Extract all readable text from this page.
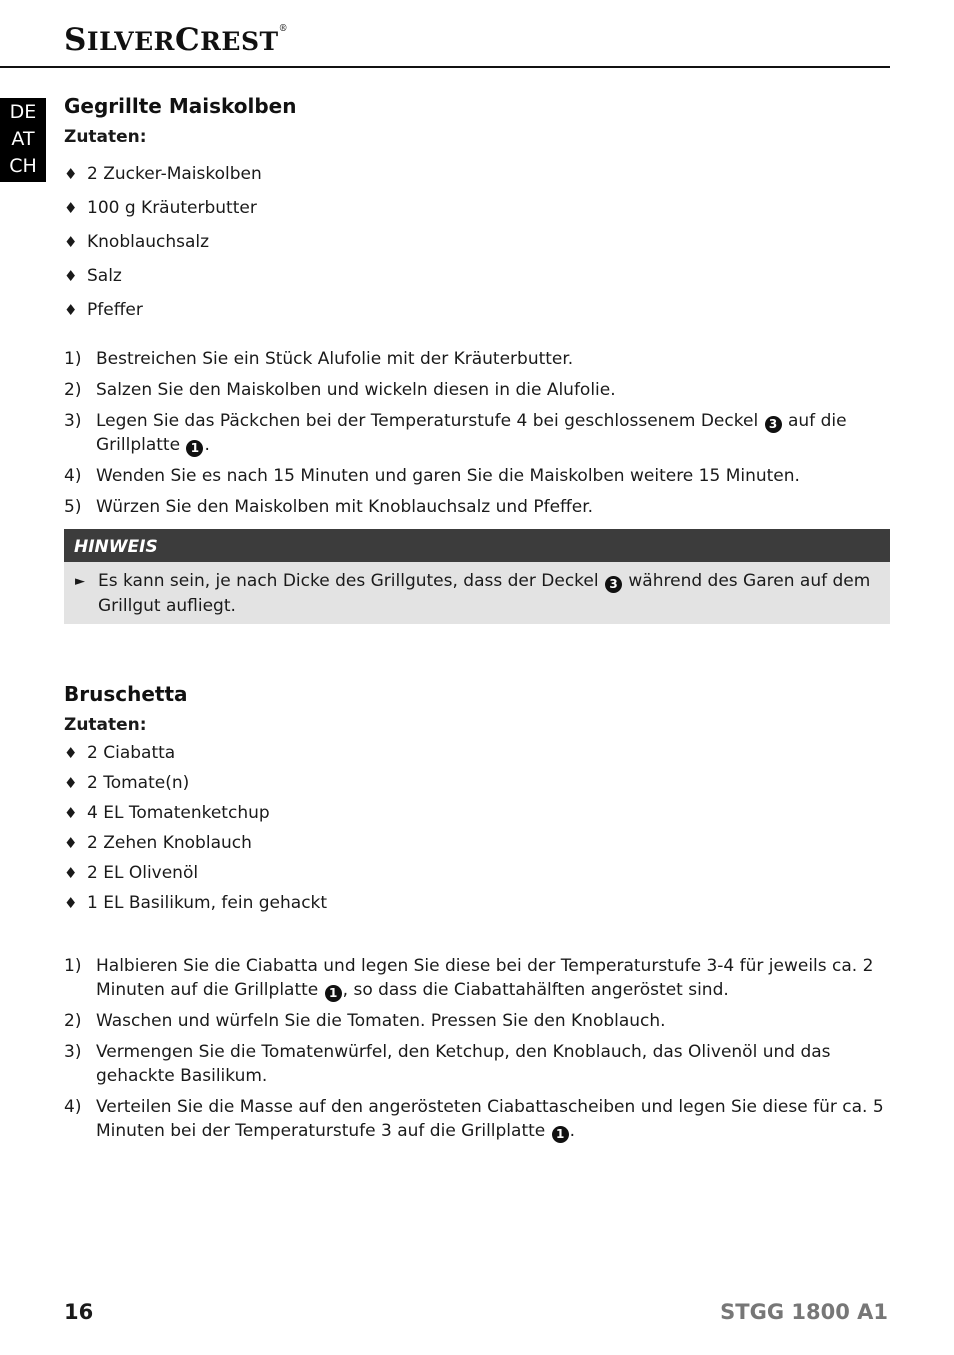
SILVERCREST®
DE
AT
CH
Gegrillte Maiskolben
Zutaten:
♦ 2 Zucker-Maiskolben
♦ 100 g Kräuterbutter
♦ Knoblauchsalz
♦ Salz
♦ Pfeffer
1) Bestreichen Sie ein Stück Alufolie mit der Kräuterbutter.
2) Salzen Sie den Maiskolben und wickeln diesen in die Alufolie.
3) Legen Sie das Päckchen bei der Temperaturstufe 4 bei geschlossenem Deckel 3 auf die Grillplatte 1 .
4) Wenden Sie es nach 15 Minuten und garen Sie die Maiskolben weitere 15 Minuten.
5) Würzen Sie den Maiskolben mit Knoblauchsalz und Pfeffer.
HINWEIS
► Es kann sein, je nach Dicke des Grillgutes, dass der Deckel 3 während des Garen auf dem Grillgut aufliegt.
Bruschetta
Zutaten:
♦ 2 Ciabatta
♦ 2 Tomate(n)
♦ 4 EL Tomatenketchup
♦ 2 Zehen Knoblauch
♦ 2 EL Olivenöl
♦ 1 EL Basilikum, fein gehackt
1) Halbieren Sie die Ciabatta und legen Sie diese bei der Temperaturstufe 3-4 für jeweils ca. 2 Minuten auf die Grillplatte 1 , so dass die Ciabattahälften angeröstet sind.
2) Waschen und würfeln Sie die Tomaten. Pressen Sie den Knoblauch.
3) Vermengen Sie die Tomatenwürfel, den Ketchup, den Knoblauch, das Olivenöl und das gehackte Basilikum.
4) Verteilen Sie die Masse auf den angerösteten Ciabattascheiben und legen Sie diese für ca. 5 Minuten bei der Temperaturstufe 3 auf die Grillplatte 1 .
16	STGG 1800 A1
